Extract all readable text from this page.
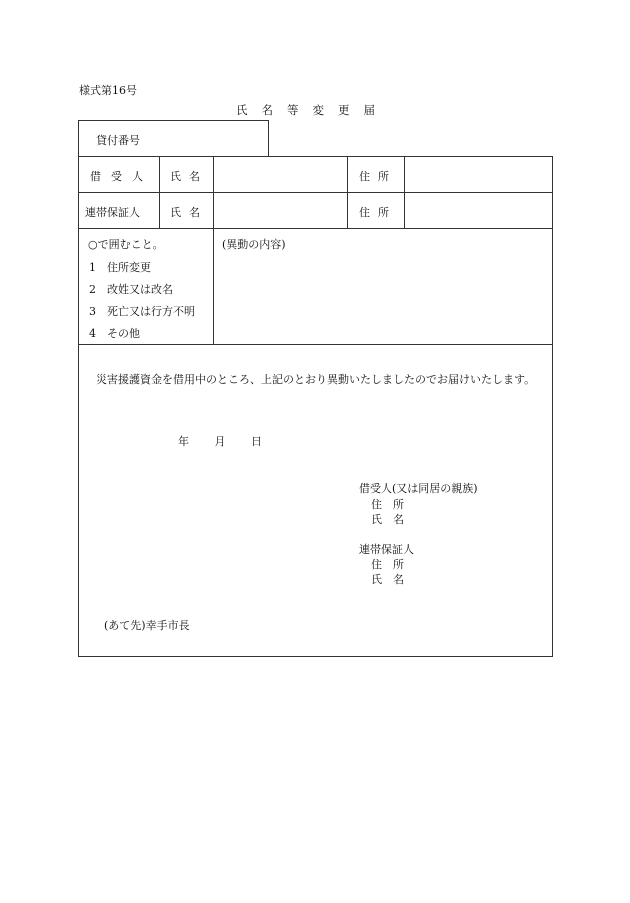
様式第16号
氏名等変更届
貸付番号
借受人 氏名	住所
連帯保証人	氏名	住所
○で囲むこと。
1　住所変更
2　改姓又は改名
3　死亡又は行方不明
4　その他
(異動の内容)
災害援護資金を借用中のところ、上記のとおり異動いたしましたのでお届けいたします。
年 月 日
借受人(又は同居の親族)
住　所
氏　名
連帯保証人
住　所
氏　名
(あて先)幸手市長
